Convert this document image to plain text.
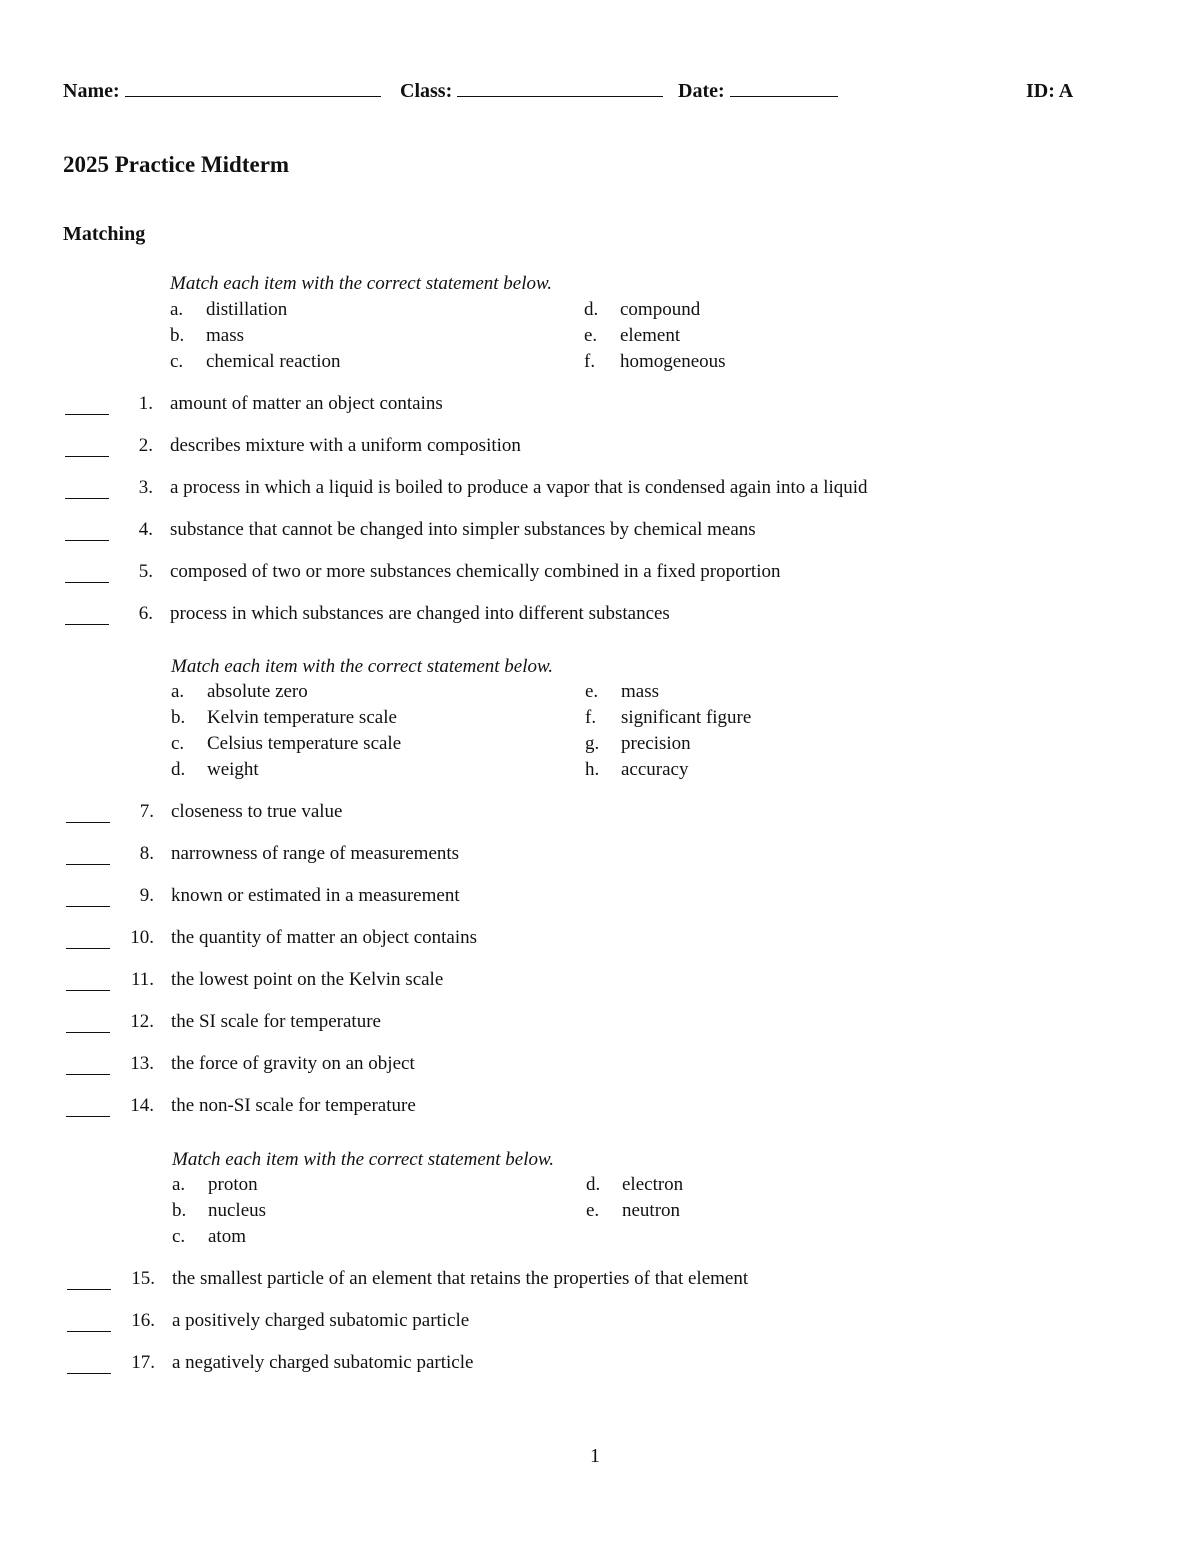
Name:	Class:	Date:	ID: A
2025 Practice Midterm
Matching
Match each item with the correct statement below.
a. distillation
b. mass
c. chemical reaction
d. compound
e. element
f. homogeneous
1. amount of matter an object contains
2. describes mixture with a uniform composition
3. a process in which a liquid is boiled to produce a vapor that is condensed again into a liquid
4. substance that cannot be changed into simpler substances by chemical means
5. composed of two or more substances chemically combined in a fixed proportion
6. process in which substances are changed into different substances
Match each item with the correct statement below.
a. absolute zero
b. Kelvin temperature scale
c. Celsius temperature scale
d. weight
e. mass
f. significant figure
g. precision
h. accuracy
7. closeness to true value
8. narrowness of range of measurements
9. known or estimated in a measurement
10. the quantity of matter an object contains
11. the lowest point on the Kelvin scale
12. the SI scale for temperature
13. the force of gravity on an object
14. the non-SI scale for temperature
Match each item with the correct statement below.
a. proton
b. nucleus
c. atom
d. electron
e. neutron
15. the smallest particle of an element that retains the properties of that element
16. a positively charged subatomic particle
17. a negatively charged subatomic particle
1
